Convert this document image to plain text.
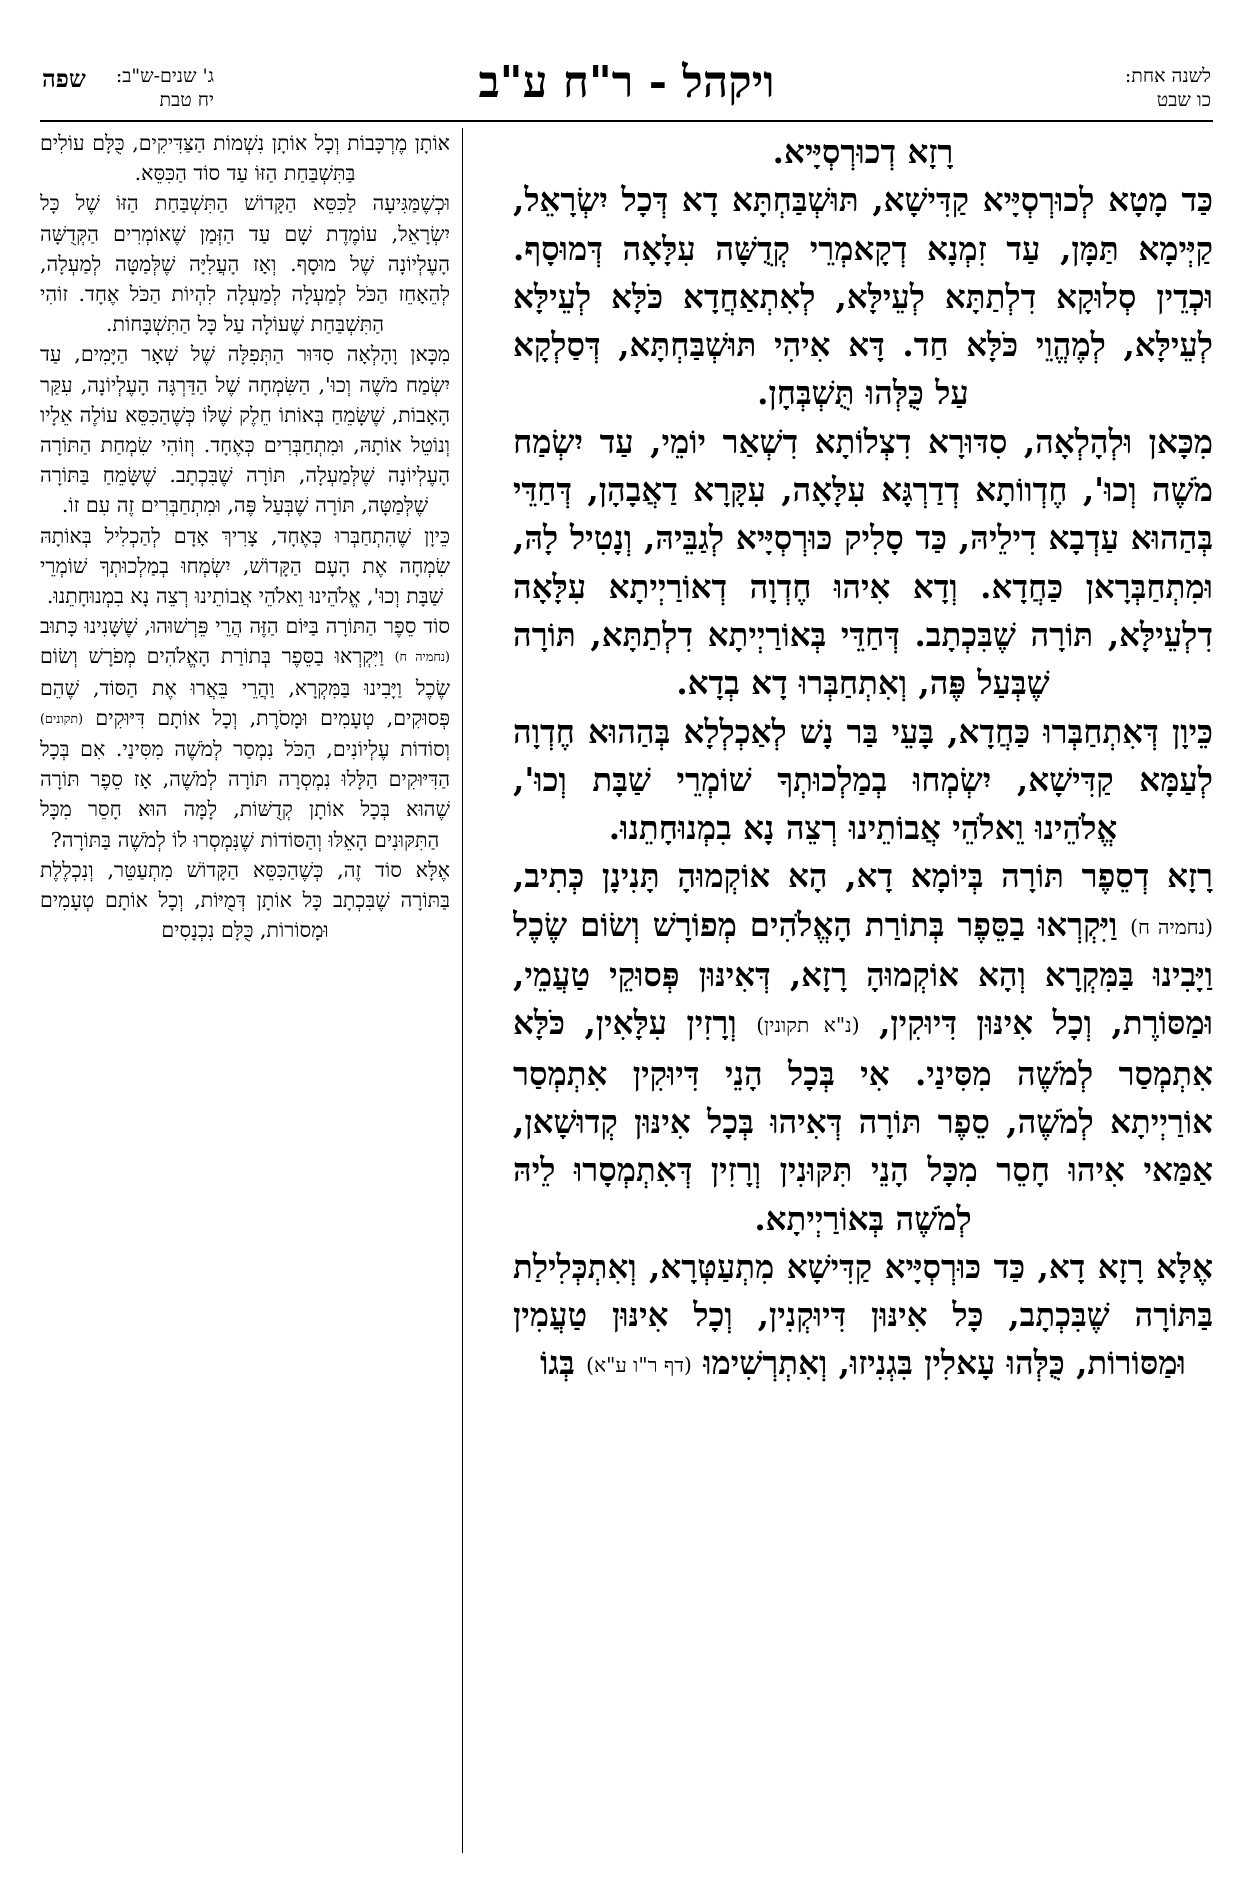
לשנה אחת:
כו שבט
ויקהל - ר"ח ע"ב
שפה ג' שנים-ש"ב:
יח טבת

רָזָא דְכוּרְסְיָּיא.

כַּד מָטָא לְכוּרְסְיָּיא קַדִּישָׁא, תּוּשְׁבַּחְתָּא דָא דְּכָל יִשְׂרָאֵל, קַיְּימָא תַּמָּן, עַד זִמְנָא דְקָאמְרֵי קְדֻשָּׁה עִלָּאָה דְּמוּסָף. וּכְדֵין סְלוּקָא דִלְתַתָּא לְעֵילָּא, לְאִתְאַחֲדָא כֹּלָּא לְעֵילָּא לְעֵילָּא, לְמֶהֱוֵי כֹּלָּא חַד. דָּא אִיהִי תּוּשְׁבַּחְתָּא, דְּסַלְקָא עַל כֻּלְּהוּ תֻּשְׁבְּחָן.

מִכָּאן וּלְהָלְאָה, סִדּוּרָא דִצְלוֹתָא דִשְׁאַר יוֹמֵי, עַד יִשְׂמַח מֹשֶׁה וְכוּ', חֶדְווֹתָא דְדַרְגָּא עִלָּאָה, עִקָּרָא דַאֲבָהָן, דְּחַדֵּי בְּהַהוּא עַדְבָא דִילֵיהּ, כַּד סָלִיק כּוּרְסְיָּיא לְגַבֵּיהּ, וְנָטִיל לָהּ, וּמִתְחַבְּרָאן כַּחֲדָא. וְדָא אִיהוּ חֶדְוָה דְאוֹרַיְיתָא עִלָּאָה דִלְעֵילָּא, תּוֹרָה שֶׁבִּכְתָב. דְּחַדֵּי בְּאוֹרַיְיתָא דִלְתַתָּא, תּוֹרָה שֶׁבְּעַל פֶּה, וְאִתְחַבְּרוּ דָא בְדָא.

כֵּיוָן דְּאִתְחַבְּרוּ כַּחֲדָא, בָּעֵי בַּר נָשׁ לְאַכְלְלָא בְּהַהוּא חֶדְוָה לְעַמָּא קַדִּישָׁא, יִשְׂמְחוּ בְמַלְכוּתְךָ שׁוֹמְרֵי שַׁבָּת וְכוּ', אֱלֹהֵינוּ וֵאלֹהֵי אֲבוֹתֵינוּ רְצֵה נָא בִמְנוּחָתֵנוּ.

רָזָא דְסֵפֶר תּוֹרָה בְּיוֹמָא דָא, הָא אוֹקְמוּהָ תָּנִינָן כְּתִיב, (נחמיה ח) וַיִּקְרְאוּ בַסֵּפֶר בְּתוֹרַת הָאֱלֹהִים מְפוֹרָשׁ וְשׂוֹם שֶׂכֶל וַיָּבִינוּ בַּמִּקְרָא וְהָא אוֹקְמוּהָ רָזָא, דְּאִינּוּן פְּסוּקֵי טַעֲמֵי, וּמַסּוֹרֶת, וְכָל אִינּוּן דִּיוּקִין, (נ"א תקונין) וְרָזִין עִלָּאִין, כֹּלָּא אִתְמְסַר לְמֹשֶׁה מִסִּינַי. אִי בְּכָל הָנֵי דִּיוּקִין אִתְמְסַר אוֹרַיְיתָא לְמֹשֶׁה, סֵפֶר תּוֹרָה דְּאִיהוּ בְּכָל אִינּוּן קְדוּשָׁאן, אַמַּאי אִיהוּ חָסֵר מִכָּל הָנֵי תִּקּוּנִין וְרָזִין דְּאִתְמְסָרוּ לֵיהּ לְמֹשֶׁה בְּאוֹרַיְיתָא.

אֶלָּא רָזָא דָא, כַּד כּוּרְסְיָּיא קַדִּישָׁא מִתְעַטְּרָא, וְאִתְכְּלִילַת בַּתּוֹרָה שֶׁבִּכְתָב, כָּל אִינּוּן דִּיוּקְנִין, וְכָל אִינּוּן טַעֲמִין וּמַסּוֹרוֹת, כֻּלְּהוּ עָאלִין בִּגְנִיזוּ, וְאִתְרְשִׁימוּ (דף ר"ו ע"א) בְּגוֹ

אוֹתָן מֶרְכָּבוֹת וְכָל אוֹתָן נִשְׁמוֹת הַצַּדִּיקִים, כֻּלָּם עוֹלִים בַּתִּשְׁבַּחַת הַזּוֹ עַד סוֹד הַכִּסֵּא.

וּכְשֶׁמַּגִּיעָה לַכִּסֵּא הַקָּדוֹשׁ הַתִּשְׁבַּחַת הַזּוֹ שֶׁל כָּל יִשְׂרָאֵל, עוֹמֶדֶת שָׁם עַד הַזְּמַן שֶׁאוֹמְרִים הַקְּדֻשָּׁה הָעֶלְיוֹנָה שֶׁל מוּסָף. וְאָז הָעֲלִיָּה שֶׁלְּמַטָּה לְמַעְלָה, לְהֵאָחֵז הַכֹּל לְמַעְלָה לְמַעְלָה לִהְיוֹת הַכֹּל אֶחָד. זוֹהִי הַתִּשְׁבַּחַת שֶׁעוֹלָה עַל כָּל הַתִּשְׁבָּחוֹת.

מִכָּאן וָהָלְאָה סִדּוּר הַתְּפִלָּה שֶׁל שְׁאָר הַיָּמִים, עַד יִשְׂמַח מֹשֶׁה וְכוּ', הַשִּׂמְחָה שֶׁל הַדַּרְגָּה הָעֶלְיוֹנָה, עִקַּר הָאָבוֹת, שֶׁשָּׂמֵחַ בְּאוֹתוֹ חֵלֶק שֶׁלּוֹ כְּשֶׁהַכִּסֵּא עוֹלֶה אֵלָיו וְנוֹטֵל אוֹתָהּ, וּמִתְחַבְּרִים כְּאֶחָד. וְזוֹהִי שִׂמְחַת הַתּוֹרָה הָעֶלְיוֹנָה שֶׁלְּמַעְלָה, תּוֹרָה שֶׁבִּכְתָב. שֶׁשָּׂמֵחַ בַּתּוֹרָה שֶׁלְּמַטָּה, תּוֹרָה שֶׁבְּעַל פֶּה, וּמִתְחַבְּרִים זֶה עִם זוֹ.

כֵּיוָן שֶׁהִתְחַבְּרוּ כְּאֶחָד, צָרִיךְ אָדָם לְהַכְלִיל בְּאוֹתָהּ שִׂמְחָה אֶת הָעָם הַקָּדוֹשׁ, יִשְׂמְחוּ בְמַלְכוּתְךָ שׁוֹמְרֵי שַׁבָּת וְכוּ', אֱלֹהֵינוּ וֵאלֹהֵי אֲבוֹתֵינוּ רְצֵה נָא בִמְנוּחָתֵנוּ.

סוֹד סֵפֶר הַתּוֹרָה בַּיּוֹם הַזֶּה הֲרֵי פֵּרְשׁוּהוּ, שֶׁשָּׁנִינוּ כָּתוּב (נחמיה ח) וַיִּקְרְאוּ בַסֵּפֶר בְּתוֹרַת הָאֱלֹהִים מְפֹרָשׁ וְשׂוֹם שֶׂכֶל וַיָּבִינוּ בַּמִּקְרָא, וַהֲרֵי בֵּאֲרוּ אֶת הַסּוֹד, שֶׁהֵם פְּסוּקִים, טְעָמִים וּמָסֹרֶת, וְכָל אוֹתָם דִּיּוּקִים (תקונים) וְסוֹדוֹת עֶלְיוֹנִים, הַכֹּל נִמְסַר לְמֹשֶׁה מִסִּינַי. אִם בְּכָל הַדִּיּוּקִים הַלָּלוּ נִמְסְרָה תּוֹרָה לְמֹשֶׁה, אָז סֵפֶר תּוֹרָה שֶׁהוּא בְּכָל אוֹתָן קְדֻשּׁוֹת, לָמָּה הוּא חָסֵר מִכָּל הַתִּקּוּנִים הָאֵלּוּ וְהַסּוֹדוֹת שֶׁנִּמְסְרוּ לוֹ לְמֹשֶׁה בַּתּוֹרָה?

אֶלָּא סוֹד זֶה, כְּשֶׁהַכִּסֵּא הַקָּדוֹשׁ מִתְעַטֵּר, וְנִכְלֶלֶת בַּתּוֹרָה שֶׁבִּכְתָב כָּל אוֹתָן דְּמֻיּוֹת, וְכָל אוֹתָם טְעָמִים וּמָסוֹרוֹת, כֻּלָּם נִכְנָסִים
